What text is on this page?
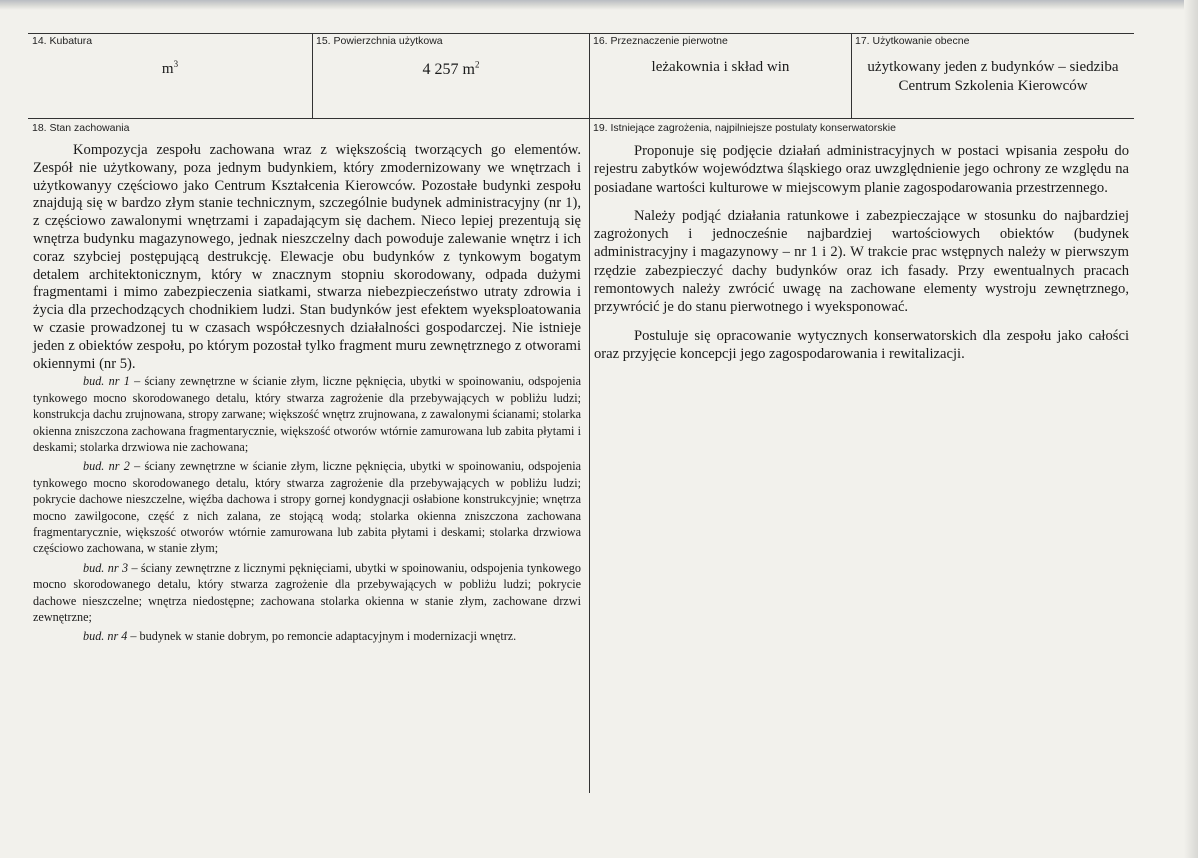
14. Kubatura
$m^3$
15. Powierzchnia użytkowa
4 257 $m^2$
16. Przeznaczenie pierwotne
leżakownia i skład win
17. Użytkowanie obecne
użytkowany jeden z budynków – siedziba
Centrum Szkolenia Kierowców
18. Stan zachowania	19. Istniejące zagrożenia, najpilniejsze postulaty konserwatorskie

Kompozycja zespołu zachowana wraz z większością tworzących go elementów. Zespół nie użytkowany, poza jednym budynkiem, który zmodernizowany we wnętrzach i użytkowanyy częściowo jako Centrum Kształcenia Kierowców. Pozostałe budynki zespołu znajdują się w bardzo złym stanie technicznym, szczególnie budynek administracyjny (nr 1), z częściowo zawalonymi wnętrzami i zapadającym się dachem. Nieco lepiej prezentują się wnętrza budynku magazynowego, jednak nieszczelny dach powoduje zalewanie wnętrz i ich coraz szybciej postępującą destrukcję. Elewacje obu budynków z tynkowym bogatym detalem architektonicznym, który w znacznym stopniu skorodowany, odpada dużymi fragmentami i mimo zabezpieczenia siatkami, stwarza niebezpieczeństwo utraty zdrowia i życia dla przechodzących chodnikiem ludzi. Stan budynków jest efektem wyeksploatowania w czasie prowadzonej tu w czasach współczesnych działalności gospodarczej. Nie istnieje jeden z obiektów zespołu, po którym pozostał tylko fragment muru zewnętrznego z otworami okiennymi (nr 5).

bud. nr 1 – ściany zewnętrzne w ścianie złym, liczne pęknięcia, ubytki w spoinowaniu, odspojenia tynkowego mocno skorodowanego detalu, który stwarza zagrożenie dla przebywających w pobliżu ludzi; konstrukcja dachu zrujnowana, stropy zarwane; większość wnętrz zrujnowana, z zawalonymi ścianami; stolarka okienna zniszczona zachowana fragmentarycznie, większość otworów wtórnie zamurowana lub zabita płytami i deskami; stolarka drzwiowa nie zachowana;

bud. nr 2 – ściany zewnętrzne w ścianie złym, liczne pęknięcia, ubytki w spoinowaniu, odspojenia tynkowego mocno skorodowanego detalu, który stwarza zagrożenie dla przebywających w pobliżu ludzi; pokrycie dachowe nieszczelne, więźba dachowa i stropy gornej kondygnacji osłabione konstrukcyjnie; wnętrza mocno zawilgocone, część z nich zalana, ze stojącą wodą; stolarka okienna zniszczona zachowana fragmentarycznie, większość otworów wtórnie zamurowana lub zabita płytami i deskami; stolarka drzwiowa częściowo zachowana, w stanie złym;

bud. nr 3 – ściany zewnętrzne z licznymi pęknięciami, ubytki w spoinowaniu, odspojenia tynkowego mocno skorodowanego detalu, który stwarza zagrożenie dla przebywających w pobliżu ludzi; pokrycie dachowe nieszczelne; wnętrza niedostępne; zachowana stolarka okienna w stanie złym, zachowane drzwi zewnętrzne;

bud. nr 4 – budynek w stanie dobrym, po remoncie adaptacyjnym i modernizacji wnętrz.

Proponuje się podjęcie działań administracyjnych w postaci wpisania zespołu do rejestru zabytków województwa śląskiego oraz uwzględnienie jego ochrony ze względu na posiadane wartości kulturowe w miejscowym planie zagospodarowania przestrzennego.

Należy podjąć działania ratunkowe i zabezpieczające w stosunku do najbardziej zagrożonych i jednocześnie najbardziej wartościowych obiektów (budynek administracyjny i magazynowy – nr 1 i 2). W trakcie prac wstępnych należy w pierwszym rzędzie zabezpieczyć dachy budynków oraz ich fasady. Przy ewentualnych pracach remontowych należy zwrócić uwagę na zachowane elementy wystroju zewnętrznego, przywrócić je do stanu pierwotnego i wyeksponować.

Postuluje się opracowanie wytycznych konserwatorskich dla zespołu jako całości oraz przyjęcie koncepcji jego zagospodarowania i rewitalizacji.
